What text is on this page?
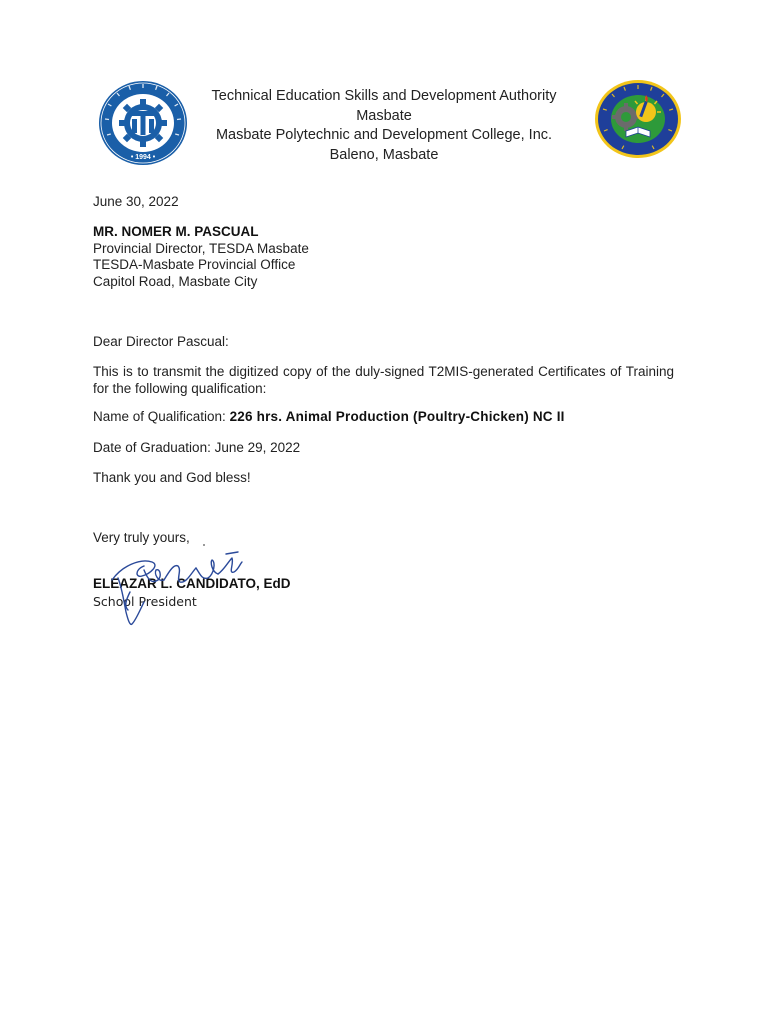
• 1994 •
Technical Education Skills and Development Authority
Masbate
Masbate Polytechnic and Development College, Inc.
Baleno, Masbate
June 30, 2022
MR. NOMER M. PASCUAL
Provincial Director, TESDA Masbate
TESDA-Masbate Provincial Office
Capitol Road, Masbate City
Dear Director Pascual:
This is to transmit the digitized copy of the duly-signed T2MIS-generated Certificates of Training for the following qualification:
Name of Qualification: 226 hrs. Animal Production (Poultry-Chicken) NC II
Date of Graduation: June 29, 2022
Thank you and God bless!
Very truly yours,
ELEAZAR L. CANDIDATO, EdD
School President
